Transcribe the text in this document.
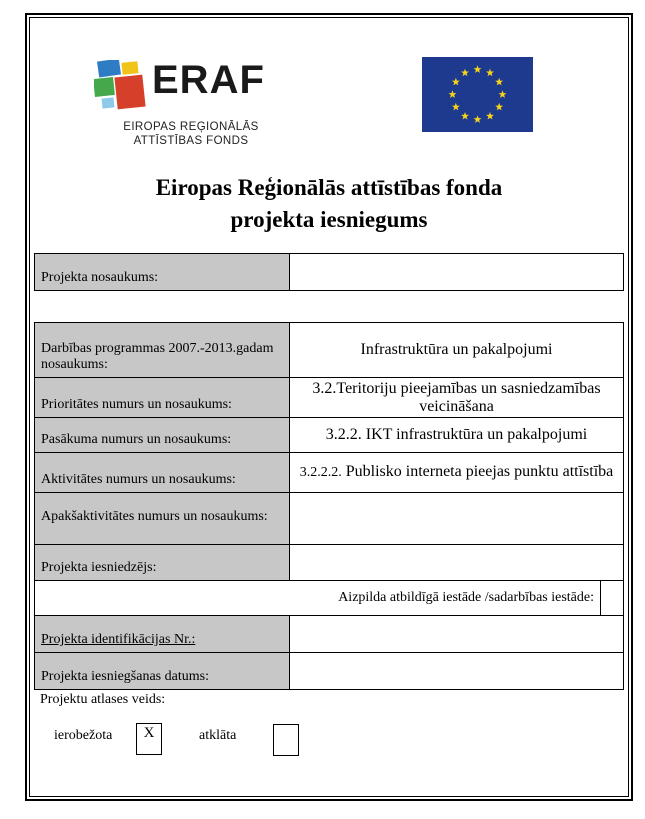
ERAF
EIROPAS REĢIONĀLĀS
ATTĪSTĪBAS FONDS
Eiropas Reģionālās attīstības fonda
projekta iesniegums
Projekta nosaukums:	
Darbības programmas 2007.-2013.gadam nosaukums:	Infrastruktūra un pakalpojumi
Prioritātes numurs un nosaukums:	3.2.Teritoriju pieejamības un sasniedzamības veicināšana
Pasākuma numurs un nosaukums:	3.2.2. IKT infrastruktūra un pakalpojumi
Aktivitātes numurs un nosaukums:	3.2.2.2. Publisko interneta pieejas punktu attīstība
Apakšaktivitātes numurs un nosaukums:	
Projekta iesniedzējs:	

Aizpilda atbildīgā iestāde /sadarbības iestāde:	

Projekta identifikācijas Nr.:	
Projekta iesniegšanas datums:	
Projektu atlases veids:
ierobežota	X	atklāta
